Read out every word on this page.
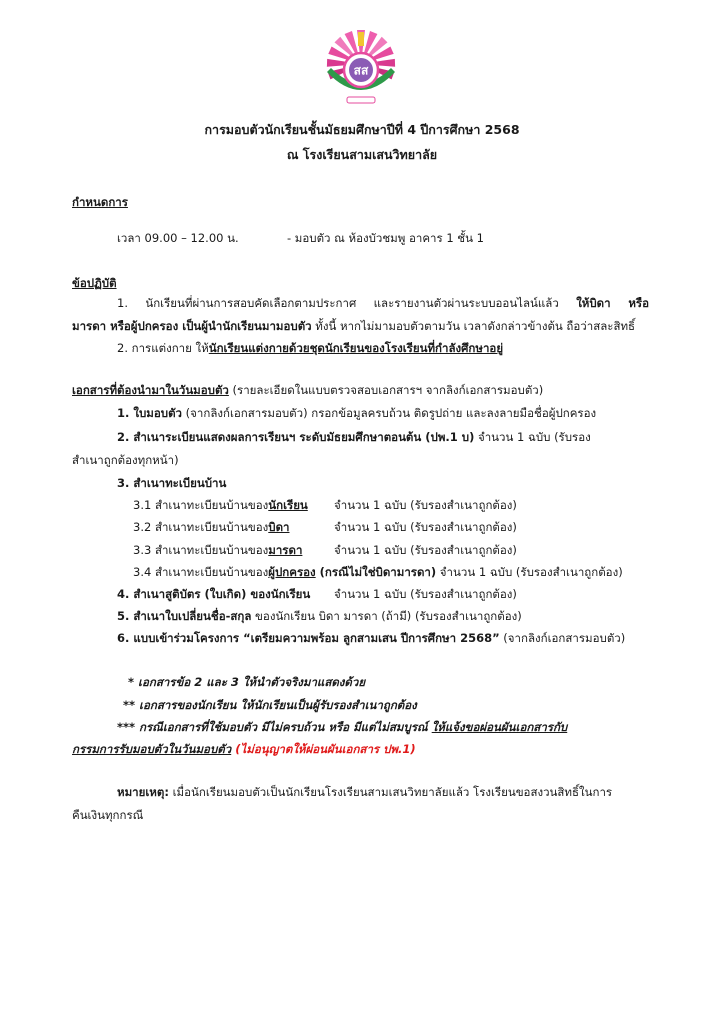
สส
การมอบตัวนักเรียนชั้นมัธยมศึกษาปีที่ 4 ปีการศึกษา 2568
ณ โรงเรียนสามเสนวิทยาลัย
กำหนดการ
เวลา 09.00 – 12.00 น.	- มอบตัว ณ ห้องบัวชมพู อาคาร 1 ชั้น 1
ข้อปฏิบัติ
1. นักเรียนที่ผ่านการสอบคัดเลือกตามประกาศ และรายงานตัวผ่านระบบออนไลน์แล้ว ให้บิดา หรือ
มารดา หรือผู้ปกครอง เป็นผู้นำนักเรียนมามอบตัว ทั้งนี้ หากไม่มามอบตัวตามวัน เวลาดังกล่าวข้างต้น ถือว่าสละสิทธิ์
2. การแต่งกาย ให้นักเรียนแต่งกายด้วยชุดนักเรียนของโรงเรียนที่กำลังศึกษาอยู่
เอกสารที่ต้องนำมาในวันมอบตัว (รายละเอียดในแบบตรวจสอบเอกสารฯ จากลิงก์เอกสารมอบตัว)
1. ใบมอบตัว (จากลิงก์เอกสารมอบตัว) กรอกข้อมูลครบถ้วน ติดรูปถ่าย และลงลายมือชื่อผู้ปกครอง
2. สำเนาระเบียนแสดงผลการเรียนฯ ระดับมัธยมศึกษาตอนต้น (ปพ.1 บ) จำนวน 1 ฉบับ (รับรอง
สำเนาถูกต้องทุกหน้า)
3. สำเนาทะเบียนบ้าน
3.1 สำเนาทะเบียนบ้านของนักเรียน จำนวน 1 ฉบับ (รับรองสำเนาถูกต้อง)
3.2 สำเนาทะเบียนบ้านของบิดา	จำนวน 1 ฉบับ (รับรองสำเนาถูกต้อง)
3.3 สำเนาทะเบียนบ้านของมารดา	จำนวน 1 ฉบับ (รับรองสำเนาถูกต้อง)
3.4 สำเนาทะเบียนบ้านของผู้ปกครอง (กรณีไม่ใช่บิดามารดา) จำนวน 1 ฉบับ (รับรองสำเนาถูกต้อง)
4. สำเนาสูติบัตร (ใบเกิด) ของนักเรียน จำนวน 1 ฉบับ (รับรองสำเนาถูกต้อง)
5. สำเนาใบเปลี่ยนชื่อ-สกุล ของนักเรียน บิดา มารดา (ถ้ามี) (รับรองสำเนาถูกต้อง)
6. แบบเข้าร่วมโครงการ “เตรียมความพร้อม ลูกสามเสน ปีการศึกษา 2568” (จากลิงก์เอกสารมอบตัว)
* เอกสารข้อ 2 และ 3 ให้นำตัวจริงมาแสดงด้วย
** เอกสารของนักเรียน ให้นักเรียนเป็นผู้รับรองสำเนาถูกต้อง
*** กรณีเอกสารที่ใช้มอบตัว มีไม่ครบถ้วน หรือ มีแต่ไม่สมบูรณ์ ให้แจ้งขอผ่อนผันเอกสารกับ
กรรมการรับมอบตัวในวันมอบตัว (ไม่อนุญาตให้ผ่อนผันเอกสาร ปพ.1)
หมายเหตุ: เมื่อนักเรียนมอบตัวเป็นนักเรียนโรงเรียนสามเสนวิทยาลัยแล้ว โรงเรียนขอสงวนสิทธิ์ในการ
คืนเงินทุกกรณี
